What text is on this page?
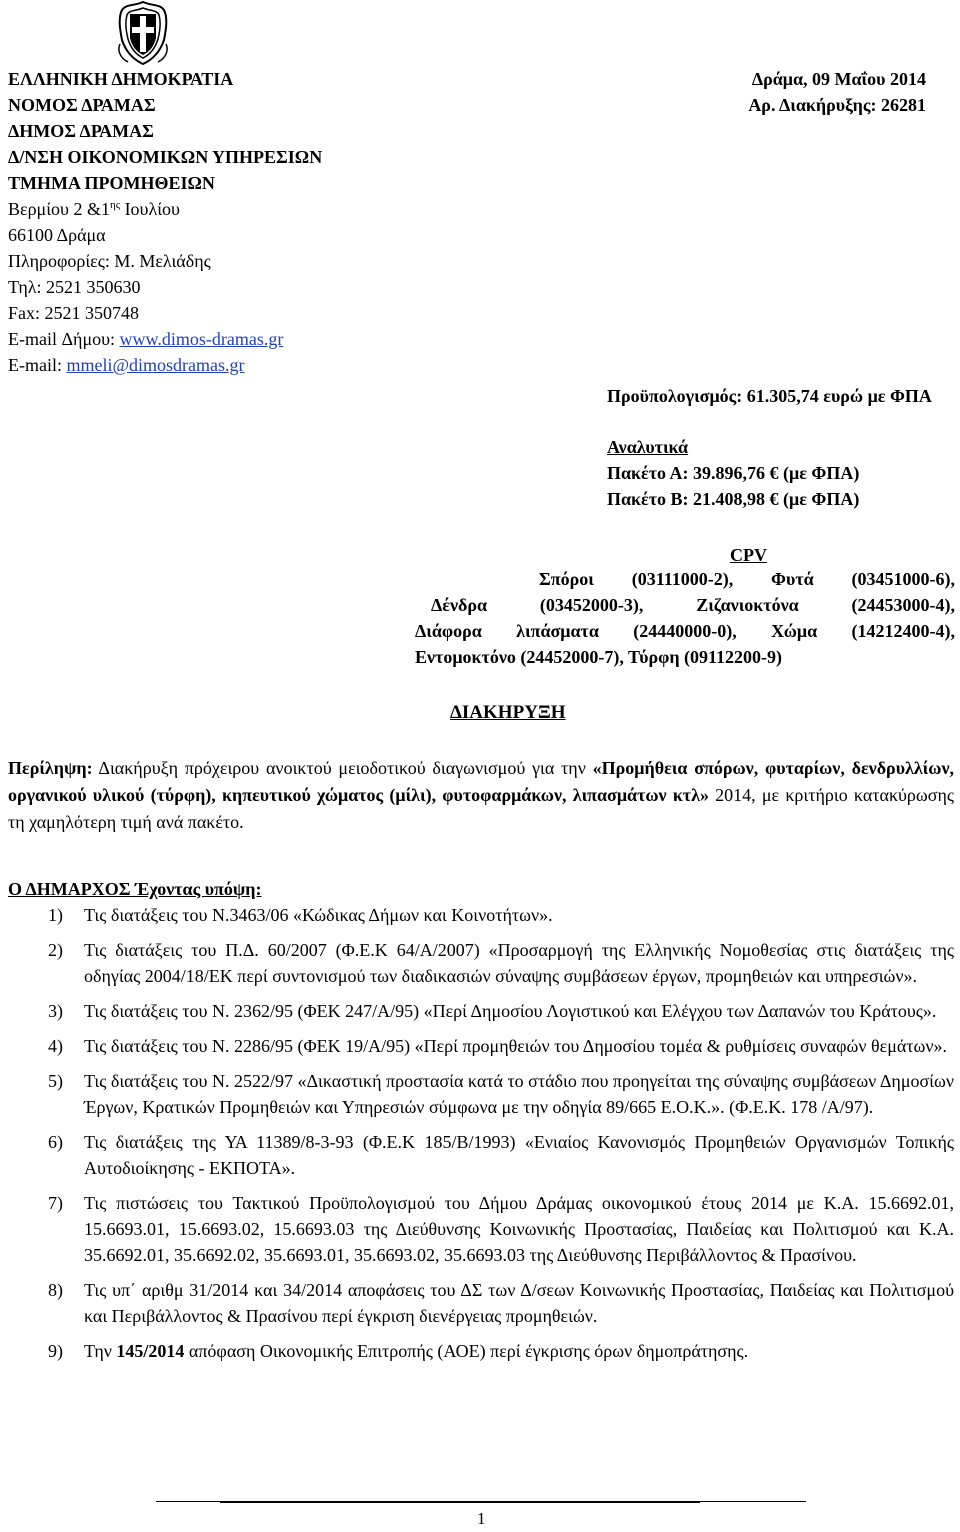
ΕΛΛΗΝΙΚΗ ΔΗΜΟΚΡΑΤΙΑ
ΝΟΜΟΣ ΔΡΑΜΑΣ
ΔΗΜΟΣ ΔΡΑΜΑΣ
Δ/ΝΣΗ ΟΙΚΟΝΟΜΙΚΩΝ ΥΠΗΡΕΣΙΩΝ
ΤΜΗΜΑ ΠΡΟΜΗΘΕΙΩΝ
Βερμίου 2 $\&1^{\eta\varsigma}$ Ιουλίου
66100 Δράμα
Πληροφορίες: Μ. Μελιάδης
Τηλ: 2521 350630
Fax: 2521 350748
E-mail Δήμου: www.dimos-dramas.gr
E-mail: mmeli@dimosdramas.gr
Δράμα, 09 Μαΐου 2014
Αρ. Διακήρυξης: 26281
Προϋπολογισμός: 61.305,74 ευρώ με ΦΠΑ
Αναλυτικά
Πακέτο Α: 39.896,76 € (με ΦΠΑ)
Πακέτο Β: 21.408,98 € (με ΦΠΑ)
CPV
Σπόροι (03111000-2), Φυτά (03451000-6),
Δένδρα (03452000-3), Ζιζανιοκτόνα (24453000-4),
Διάφορα λιπάσματα (24440000-0), Χώμα (14212400-4),
Εντομοκτόνο (24452000-7), Τύρφη (09112200-9)
ΔΙΑΚΗΡΥΞΗ
Περίληψη: Διακήρυξη πρόχειρου ανοικτού μειοδοτικού διαγωνισμού για την «Προμήθεια σπόρων, φυταρίων, δενδρυλλίων, οργανικού υλικού (τύρφη), κηπευτικού χώματος (μίλι), φυτοφαρμάκων, λιπασμάτων κτλ» 2014, με κριτήριο κατακύρωσης τη χαμηλότερη τιμή ανά πακέτο.
Ο ΔΗΜΑΡΧΟΣ Έχοντας υπόψη:
1) Τις διατάξεις του Ν.3463/06 «Κώδικας Δήμων και Κοινοτήτων».
2) Τις διατάξεις του Π.Δ. 60/2007 (Φ.Ε.Κ 64/Α/2007) «Προσαρμογή της Ελληνικής Νομοθεσίας στις διατάξεις της οδηγίας 2004/18/ΕΚ περί συντονισμού των διαδικασιών σύναψης συμβάσεων έργων, προμηθειών και υπηρεσιών».
3) Τις διατάξεις του Ν. 2362/95 (ΦΕΚ 247/Α/95) «Περί Δημοσίου Λογιστικού και Ελέγχου των Δαπανών του Κράτους».
4) Τις διατάξεις του Ν. 2286/95 (ΦΕΚ 19/Α/95) «Περί προμηθειών του Δημοσίου τομέα & ρυθμίσεις συναφών θεμάτων».
5) Τις διατάξεις του Ν. 2522/97 «Δικαστική προστασία κατά το στάδιο που προηγείται της σύναψης συμβάσεων Δημοσίων Έργων, Κρατικών Προμηθειών και Υπηρεσιών σύμφωνα με την οδηγία 89/665 Ε.Ο.Κ.». (Φ.Ε.Κ. 178 /Α/97).
6) Τις διατάξεις της ΥΑ 11389/8-3-93 (Φ.Ε.Κ 185/Β/1993) «Ενιαίος Κανονισμός Προμηθειών Οργανισμών Τοπικής Αυτοδιοίκησης - ΕΚΠΟΤΑ».
7) Τις πιστώσεις του Τακτικού Προϋπολογισμού του Δήμου Δράμας οικονομικού έτους 2014 με Κ.Α. 15.6692.01, 15.6693.01, 15.6693.02, 15.6693.03 της Διεύθυνσης Κοινωνικής Προστασίας, Παιδείας και Πολιτισμού και Κ.Α. 35.6692.01, 35.6692.02, 35.6693.01, 35.6693.02, 35.6693.03 της Διεύθυνσης Περιβάλλοντος & Πρασίνου.
8) Τις υπ΄ αριθμ 31/2014 και 34/2014 αποφάσεις του ΔΣ των Δ/σεων Κοινωνικής Προστασίας, Παιδείας και Πολιτισμού και Περιβάλλοντος & Πρασίνου περί έγκριση διενέργειας προμηθειών.
9) Την 145/2014 απόφαση Οικονομικής Επιτροπής (ΑΟΕ) περί έγκρισης όρων δημοπράτησης.
1
